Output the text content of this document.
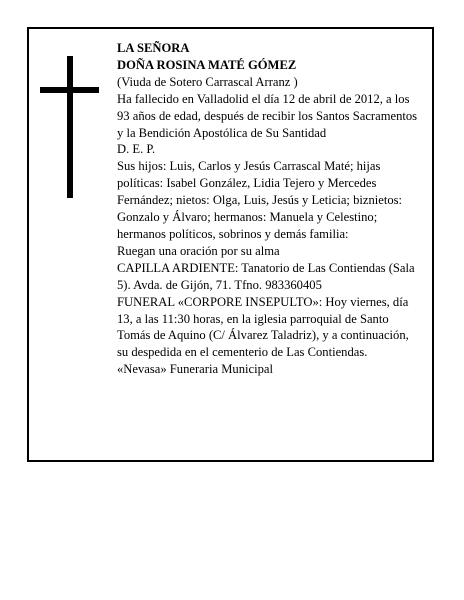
LA SEÑORA

DOÑA ROSINA MATÉ GÓMEZ

(Viuda de Sotero Carrascal Arranz )

Ha fallecido en Valladolid el día 12 de abril de 2012, a los 93 años de edad, después de recibir los Santos Sacramentos y la Bendición Apostólica de Su Santidad

D. E. P.

Sus hijos: Luis, Carlos y Jesús Carrascal Maté; hijas políticas: Isabel González, Lidia Tejero y Mercedes Fernández; nietos: Olga, Luis, Jesús y Leticia; biznietos: Gonzalo y Álvaro; hermanos: Manuela y Celestino; hermanos políticos, sobrinos y demás familia:

Ruegan una oración por su alma

CAPILLA ARDIENTE: Tanatorio de Las Contiendas (Sala 5). Avda. de Gijón, 71. Tfno. 983360405

FUNERAL «CORPORE INSEPULTO»: Hoy viernes, día 13, a las 11:30 horas, en la iglesia parroquial de Santo Tomás de Aquino (C/ Álvarez Taladriz), y a continuación, su despedida en el cementerio de Las Contiendas.

«Nevasa» Funeraria Municipal
